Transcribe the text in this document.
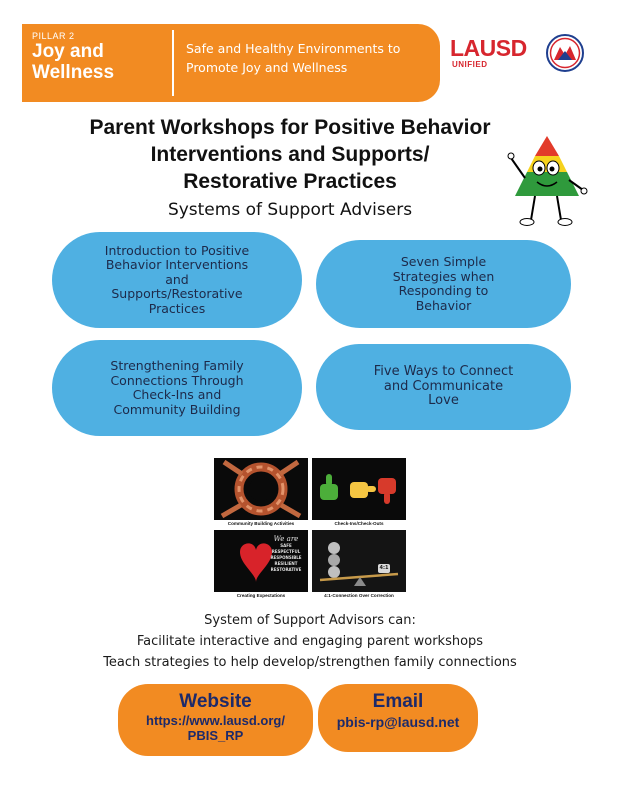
PILLAR 2
Joy and
Wellness
Safe and Healthy Environments to
Promote Joy and Wellness
LAUSD
UNIFIED
Parent Workshops for Positive Behavior
Interventions and Supports/
Restorative Practices
Systems of Support Advisers
Introduction to Positive
Behavior Interventions
and
Supports/Restorative
Practices
Seven Simple
Strategies when
Responding to
Behavior
Strengthening Family
Connections Through
Check-Ins and
Community Building
Five Ways to Connect
and Communicate
Love
Community Building Activities	Check-Ins/Check-Outs
We are
SAFE
RESPECTFUL
RESPONSIBLE
RESILIENT
RESTORATIVE
Creating Expectations
4:1
4:1-Connection Over Correction
System of Support Advisors can:
Facilitate interactive and engaging parent workshops
Teach strategies to help develop/strengthen family connections
Website
https://www.lausd.org/
PBIS_RP
Email
pbis-rp@lausd.net
